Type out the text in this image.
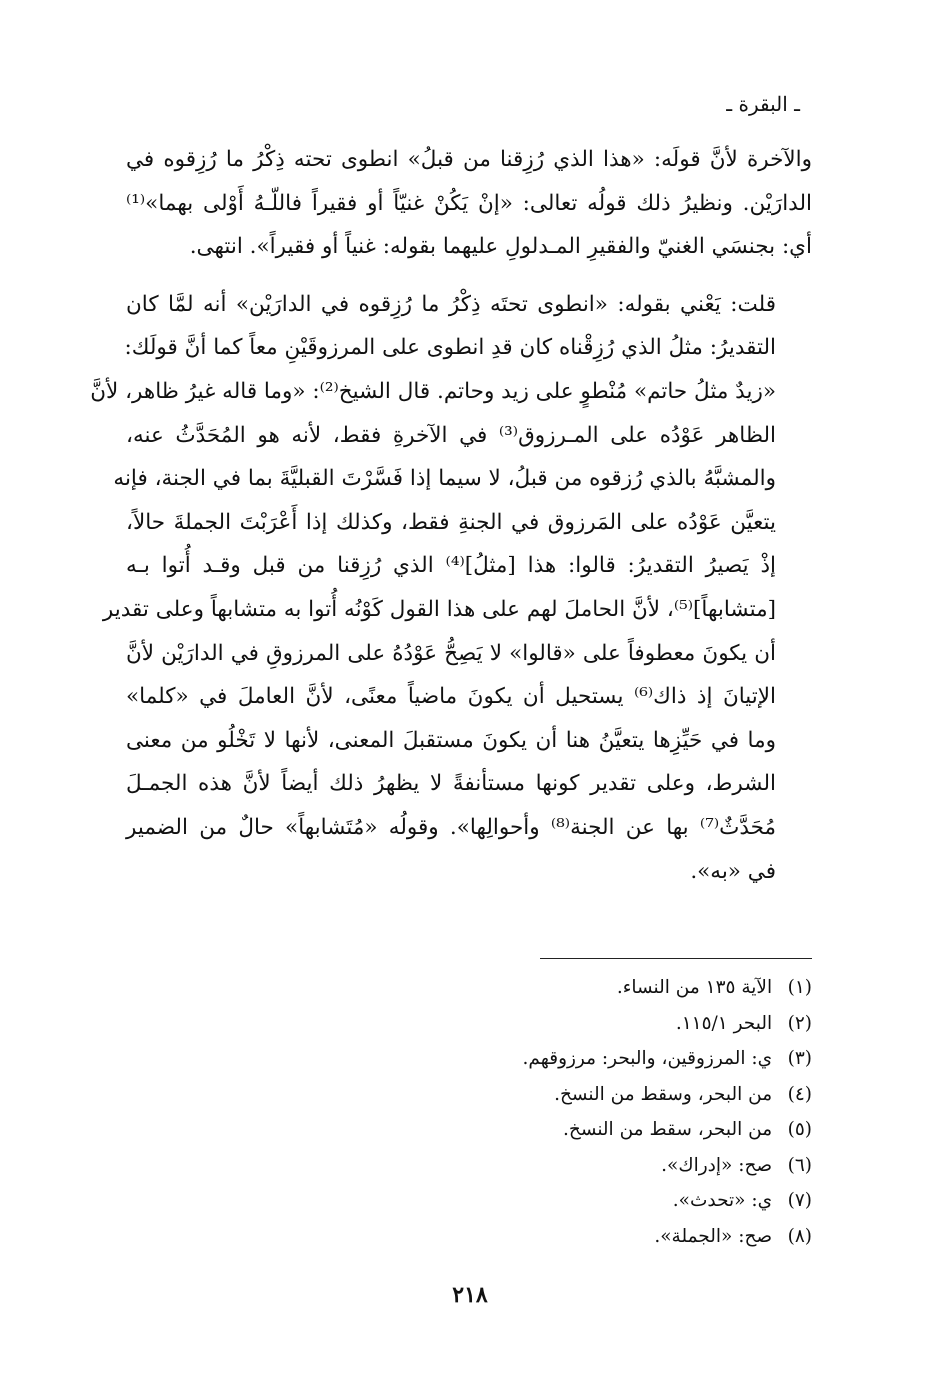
ـ البقرة ـ

والآخرة لأنَّ قولَه: «هذا الذي رُزِقنا من قبلُ» انطوى تحته ذِكْرُ ما رُزِقوه في
الدارَيْن. ونظيرُ ذلك قولُه تعالى: «إنْ يَكُنْ غنيّاً أو فقيراً فاللّـهُ أَوْلى بهما»⁽¹⁾
أي: بجنسَي الغنيّ والفقيرِ المـدلولِ عليهما بقوله: غنياً أو فقيراً». انتهى.

قلت: يَعْني بقوله: «انطوى تحتَه ذِكْرُ ما رُزِقوه في الدارَيْن» أنه لمَّا كان
التقديرُ: مثلُ الذي رُزِقْناه كان قدِ انطوى على المرزوقَيْنِ معاً كما أنَّ قولَك:
«زيدٌ مثلُ حاتم» مُنْطوٍ على زيد وحاتم. قال الشيخ⁽²⁾: «وما قاله غيرُ ظاهر، لأنَّ
الظاهر عَوْدُه على المـرزوق⁽³⁾ في الآخرةِ فقط، لأنه هو المُحَدَّثُ عنه،
والمشبَّهُ بالذي رُزقوه من قبلُ، لا سيما إذا فَسَّرْتَ القبليَّةَ بما في الجنة، فإنه
يتعيَّن عَوْدُه على المَرزوق في الجنةِ فقط، وكذلك إذا أَعْرَبْتَ الجملةَ حالاً،
إذْ يَصيرُ التقديرُ: قالوا: هذا [مثلُ]⁽⁴⁾ الذي رُزِقنا من قبل وقـد أُتوا بـه
[متشابهاً]⁽⁵⁾، لأنَّ الحاملَ لهم على هذا القول كَوْنُه أُتوا به متشابهاً وعلى تقدير
أن يكونَ معطوفاً على «قالوا» لا يَصِحُّ عَوْدُهُ على المرزوقِ في الدارَيْن لأنَّ
الإتيانَ إذ ذاك⁽⁶⁾ يستحيل أن يكونَ ماضياً معنًى، لأنَّ العاملَ في «كلما»
وما في حَيِّزِها يتعيَّنُ هنا أن يكونَ مستقبلَ المعنى، لأنها لا تَخْلُو من معنى
الشرط، وعلى تقدير كونها مستأنفةً لا يظهرُ ذلك أيضاً لأنَّ هذه الجمـلَ
مُحَدَّثٌ⁽⁷⁾ بها عن الجنة⁽⁸⁾ وأحوالِها». وقولُه «مُتَشابهاً» حالٌ من الضمير
في «به».

(١) الآية ١٣٥ من النساء.
(٢) البحر ١١٥/١.
(٣) ي: المرزوقين، والبحر: مرزوقهم.
(٤) من البحر، وسقط من النسخ.
(٥) من البحر، سقط من النسخ.
(٦) صح: «إدراك».
(٧) ي: «تحدث».
(٨) صح: «الجملة».
٢١٨
